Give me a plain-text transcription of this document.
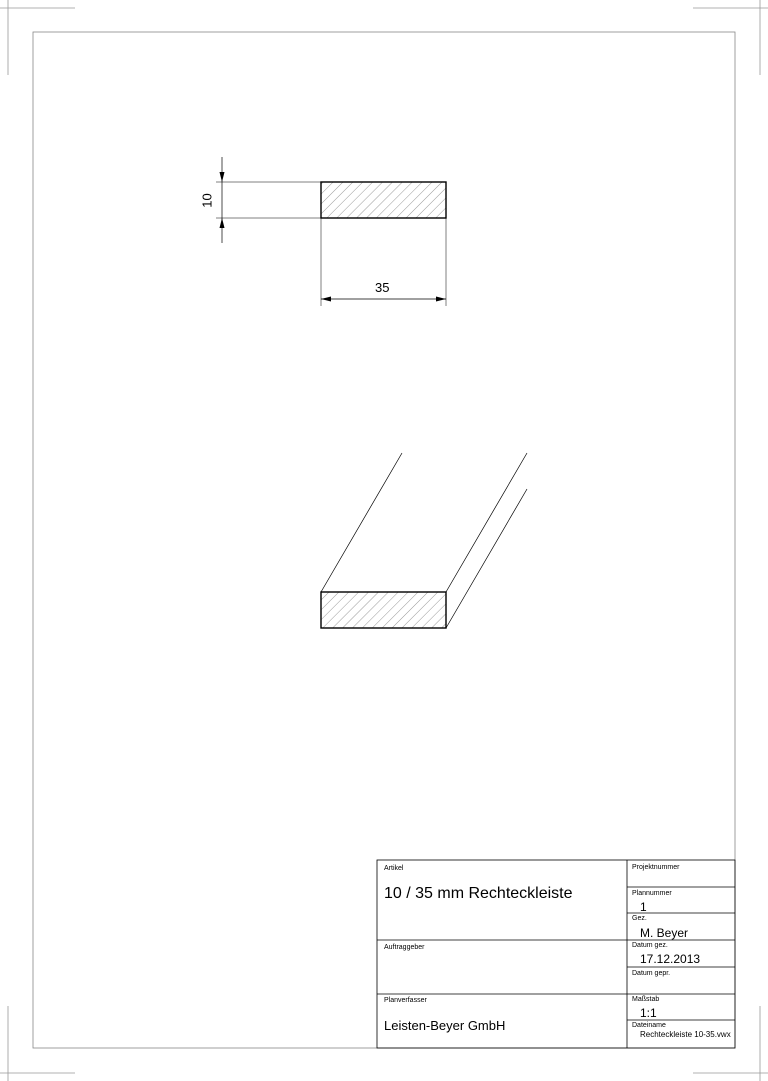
10
35
Artikel
10 / 35 mm Rechteckleiste
Projektnummer
Plannummer
1
Gez.
M. Beyer
Auftraggeber	Datum gez.
17.12.2013
Datum gepr.
Planverfasser
Leisten-Beyer GmbH
Maßstab
1:1
Dateiname
Rechteckleiste 10-35.vwx
